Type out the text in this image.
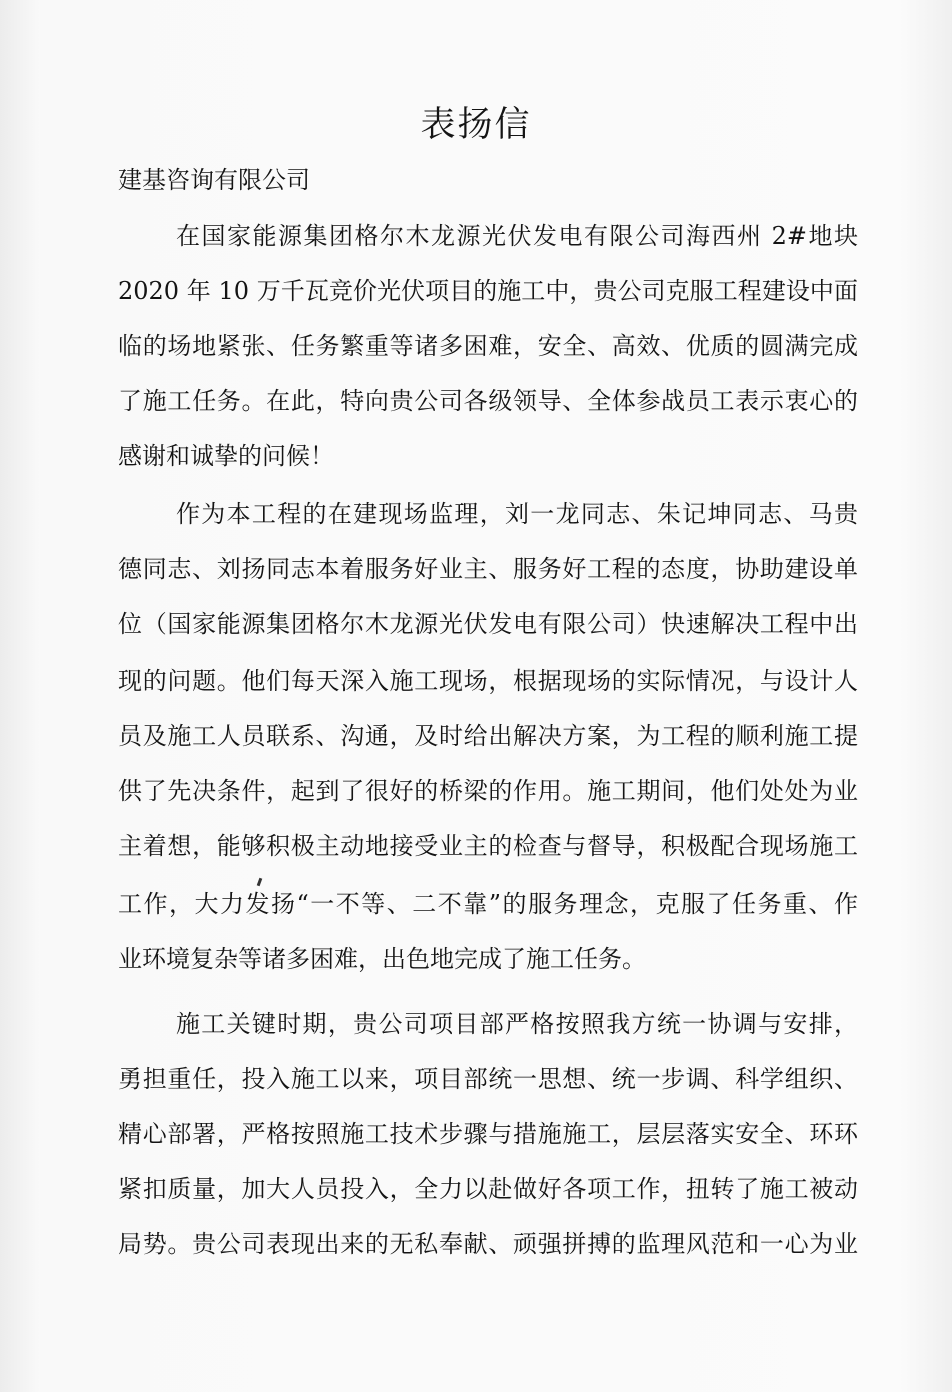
表扬信
建基咨询有限公司
在国家能源集团格尔木龙源光伏发电有限公司海西州 2#地块
2020 年 10 万千瓦竞价光伏项目的施工中，贵公司克服工程建设中面
临的场地紧张、任务繁重等诸多困难，安全、高效、优质的圆满完成
了施工任务。在此，特向贵公司各级领导、全体参战员工表示衷心的
感谢和诚挚的问候！
作为本工程的在建现场监理，刘一龙同志、朱记坤同志、马贵
德同志、刘扬同志本着服务好业主、服务好工程的态度，协助建设单
位（国家能源集团格尔木龙源光伏发电有限公司）快速解决工程中出
现的问题。他们每天深入施工现场，根据现场的实际情况，与设计人
员及施工人员联系、沟通，及时给出解决方案，为工程的顺利施工提
供了先决条件，起到了很好的桥梁的作用。施工期间，他们处处为业
主着想，能够积极主动地接受业主的检查与督导，积极配合现场施工
工作，大力发扬“一不等、二不靠”的服务理念，克服了任务重、作
业环境复杂等诸多困难，出色地完成了施工任务。
施工关键时期，贵公司项目部严格按照我方统一协调与安排，
勇担重任，投入施工以来，项目部统一思想、统一步调、科学组织、
精心部署，严格按照施工技术步骤与措施施工，层层落实安全、环环
紧扣质量，加大人员投入，全力以赴做好各项工作，扭转了施工被动
局势。贵公司表现出来的无私奉献、顽强拼搏的监理风范和一心为业
